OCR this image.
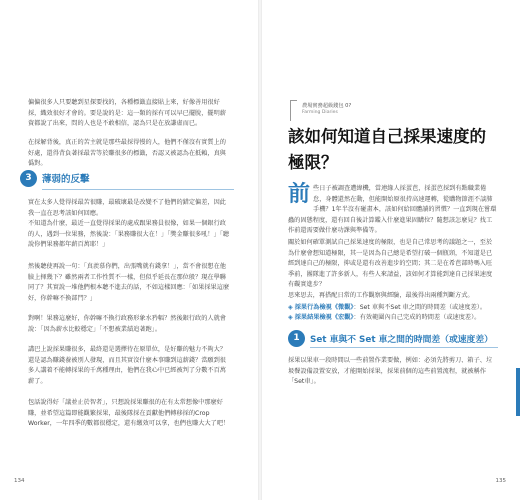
偏偏很多人只要聽到星探要找的，各種標籤直接貼上來，好像善用很好採，織效很好才會的。要是說的是：這一類的採有可以早已擺脫，擺明薪資都說了出來，問的人也是不敢相信，認為只是在放謙虛而已。
在採解背後，真正的苦主就是那些最採得慢的人，他們不僅沒有實質上的好處，還得背負著採最苦等於賺很多的標籤，否認又被認為在抵賴，真與僞對。
3	薄弱的反擊
實在太多人覺得採最苦很賺，最破壞最是改變不了他們的錯定偏差，因此我一直在思考該如何回應。
不知道為什麼，最近一直覺得採果的處成跟果務員很像，如果一個銀行政的人，遇到一位果務，然後說：「果務賺很大在！」「獎金賺很多吼！」「聽說你們果務都年薪百萬耶！」
然後聽使再說一句：「真羨慕你們，出張嘴就有錢拿！」，當不會很想在他臉上揮幾下？雖然兩者工作性質不一樣，但似乎延長在那位般？現在學聯同了？其實說一堆他們根本聽不進去的話，不如這樣回應：「如果採果這麼好，你幹嘛不換部門？」
對啊！果務這麼好，你幹嘛不換行政務形象水矜幅？然後銀行政的人就會說：「因為薪水比較穩定」「不想被業績追著跑」。
講巴上說採果賺很多，最終還是選擇待在原單位，是好賺的魅力不夠大？還是認為賺錢養被別人發現，而且其實沒什麼本事賺到這薪錢？當願到很多人講着不能轉採果的千萬種理由，他們在我心中已經被判了分數不百萬薪了。
包話說得好「議並止於智者」，只想說採果賺很的在有太常想像中那麼好賺，並希望這篇即能觀繁採果，最後隊採在貢獻他們轉移採的Crop Worker，一年四季的數都很穩定，還有繳效可以拿，也們也賺大大了吧！
134
農場實務超級錢包 0?
Farming Diaries
該如何知道自己採果速度的極限？
前些日子被調查遭緯機，當連緣人採蛋芭，採蛋芭採到有點職業倦怠，身體還然在動，但能開始原很持高速運轉，從購物節涯不談肺手機？1年半沒有碰畫本，該如何給回體讀的習慣？一直到現在嘗環蟲的固態程度，還有回自後計算鑑入什麼進果固購位？隨想該怎麼見？找工作前還需要做什麼功課與準備等。
關於如何確單測試自己採果速度的極限，也是自己常思考的議題之一，至於為什麼會想知道極限，其一是因為自己總是希望打破一個瓶頸，不知道是已經到達自己的極限，抑或是還有改善進步的空間；其二是在希芭部時嗎入旺季前，團隊進了許多新人，有些人來請益，該如何才算能到達自己採果速度有礙實進步？
思來思去，再搭配日常的工作觀察與經驗，最後得出兩種判斷方式。
◈ 採果行為檢視《微觀》：Set 車與不Set 車之間的時間差（或速度差）。
◈ 採果結果檢視《宏觀》：有效範圍內自己完成的時間差（或速度差）。
1	Set 車與不 Set 車之間的時間差（或速度差）
採果以果車一段時間以一些前置作業要做，例如：必須先將剪刀、箱子、垃圾餐設備設置安放，才能開始採果，採果前個的這些前置流程，就被稱作「Set車」。
135
